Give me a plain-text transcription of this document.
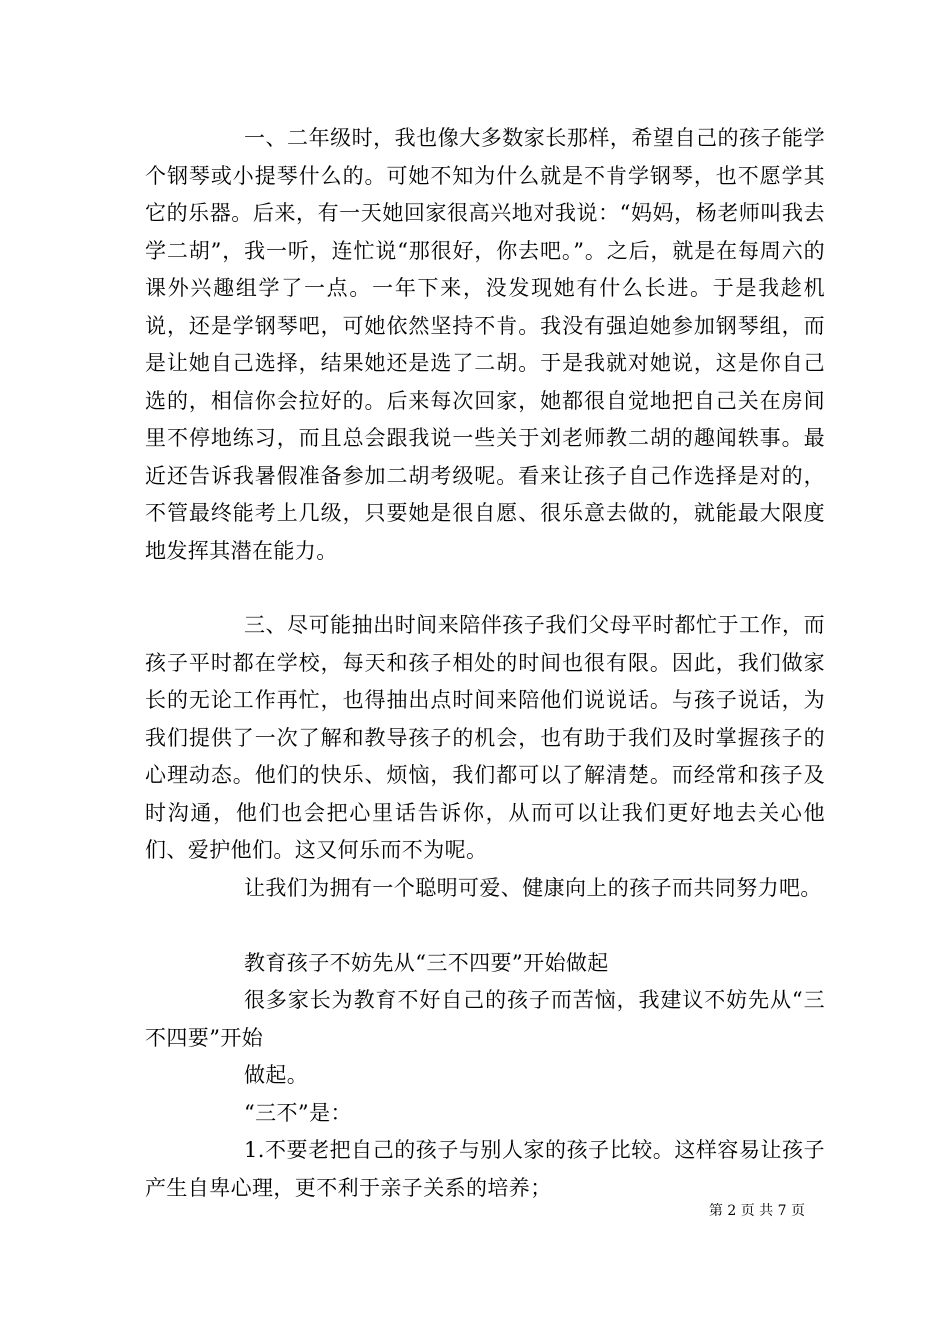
一、二年级时，我也像大多数家长那样，希望自己的孩子能学个钢琴或小提琴什么的。可她不知为什么就是不肯学钢琴，也不愿学其它的乐器。后来，有一天她回家很高兴地对我说：“妈妈，杨老师叫我去学二胡”，我一听，连忙说“那很好，你去吧。”。之后，就是在每周六的课外兴趣组学了一点。一年下来，没发现她有什么长进。于是我趁机说，还是学钢琴吧，可她依然坚持不肯。我没有强迫她参加钢琴组，而是让她自己选择，结果她还是选了二胡。于是我就对她说，这是你自己选的，相信你会拉好的。后来每次回家，她都很自觉地把自己关在房间里不停地练习，而且总会跟我说一些关于刘老师教二胡的趣闻轶事。最近还告诉我暑假准备参加二胡考级呢。看来让孩子自己作选择是对的，不管最终能考上几级，只要她是很自愿、很乐意去做的，就能最大限度地发挥其潜在能力。

三、尽可能抽出时间来陪伴孩子我们父母平时都忙于工作，而孩子平时都在学校，每天和孩子相处的时间也很有限。因此，我们做家长的无论工作再忙，也得抽出点时间来陪他们说说话。与孩子说话，为我们提供了一次了解和教导孩子的机会，也有助于我们及时掌握孩子的心理动态。他们的快乐、烦恼，我们都可以了解清楚。而经常和孩子及时沟通，他们也会把心里话告诉你，从而可以让我们更好地去关心他们、爱护他们。这又何乐而不为呢。

让我们为拥有一个聪明可爱、健康向上的孩子而共同努力吧。

教育孩子不妨先从“三不四要”开始做起

很多家长为教育不好自己的孩子而苦恼，我建议不妨先从“三不四要”开始

做起。

“三不”是：

1.不要老把自己的孩子与别人家的孩子比较。这样容易让孩子产生自卑心理，更不利于亲子关系的培养；

第 2 页 共 7 页
